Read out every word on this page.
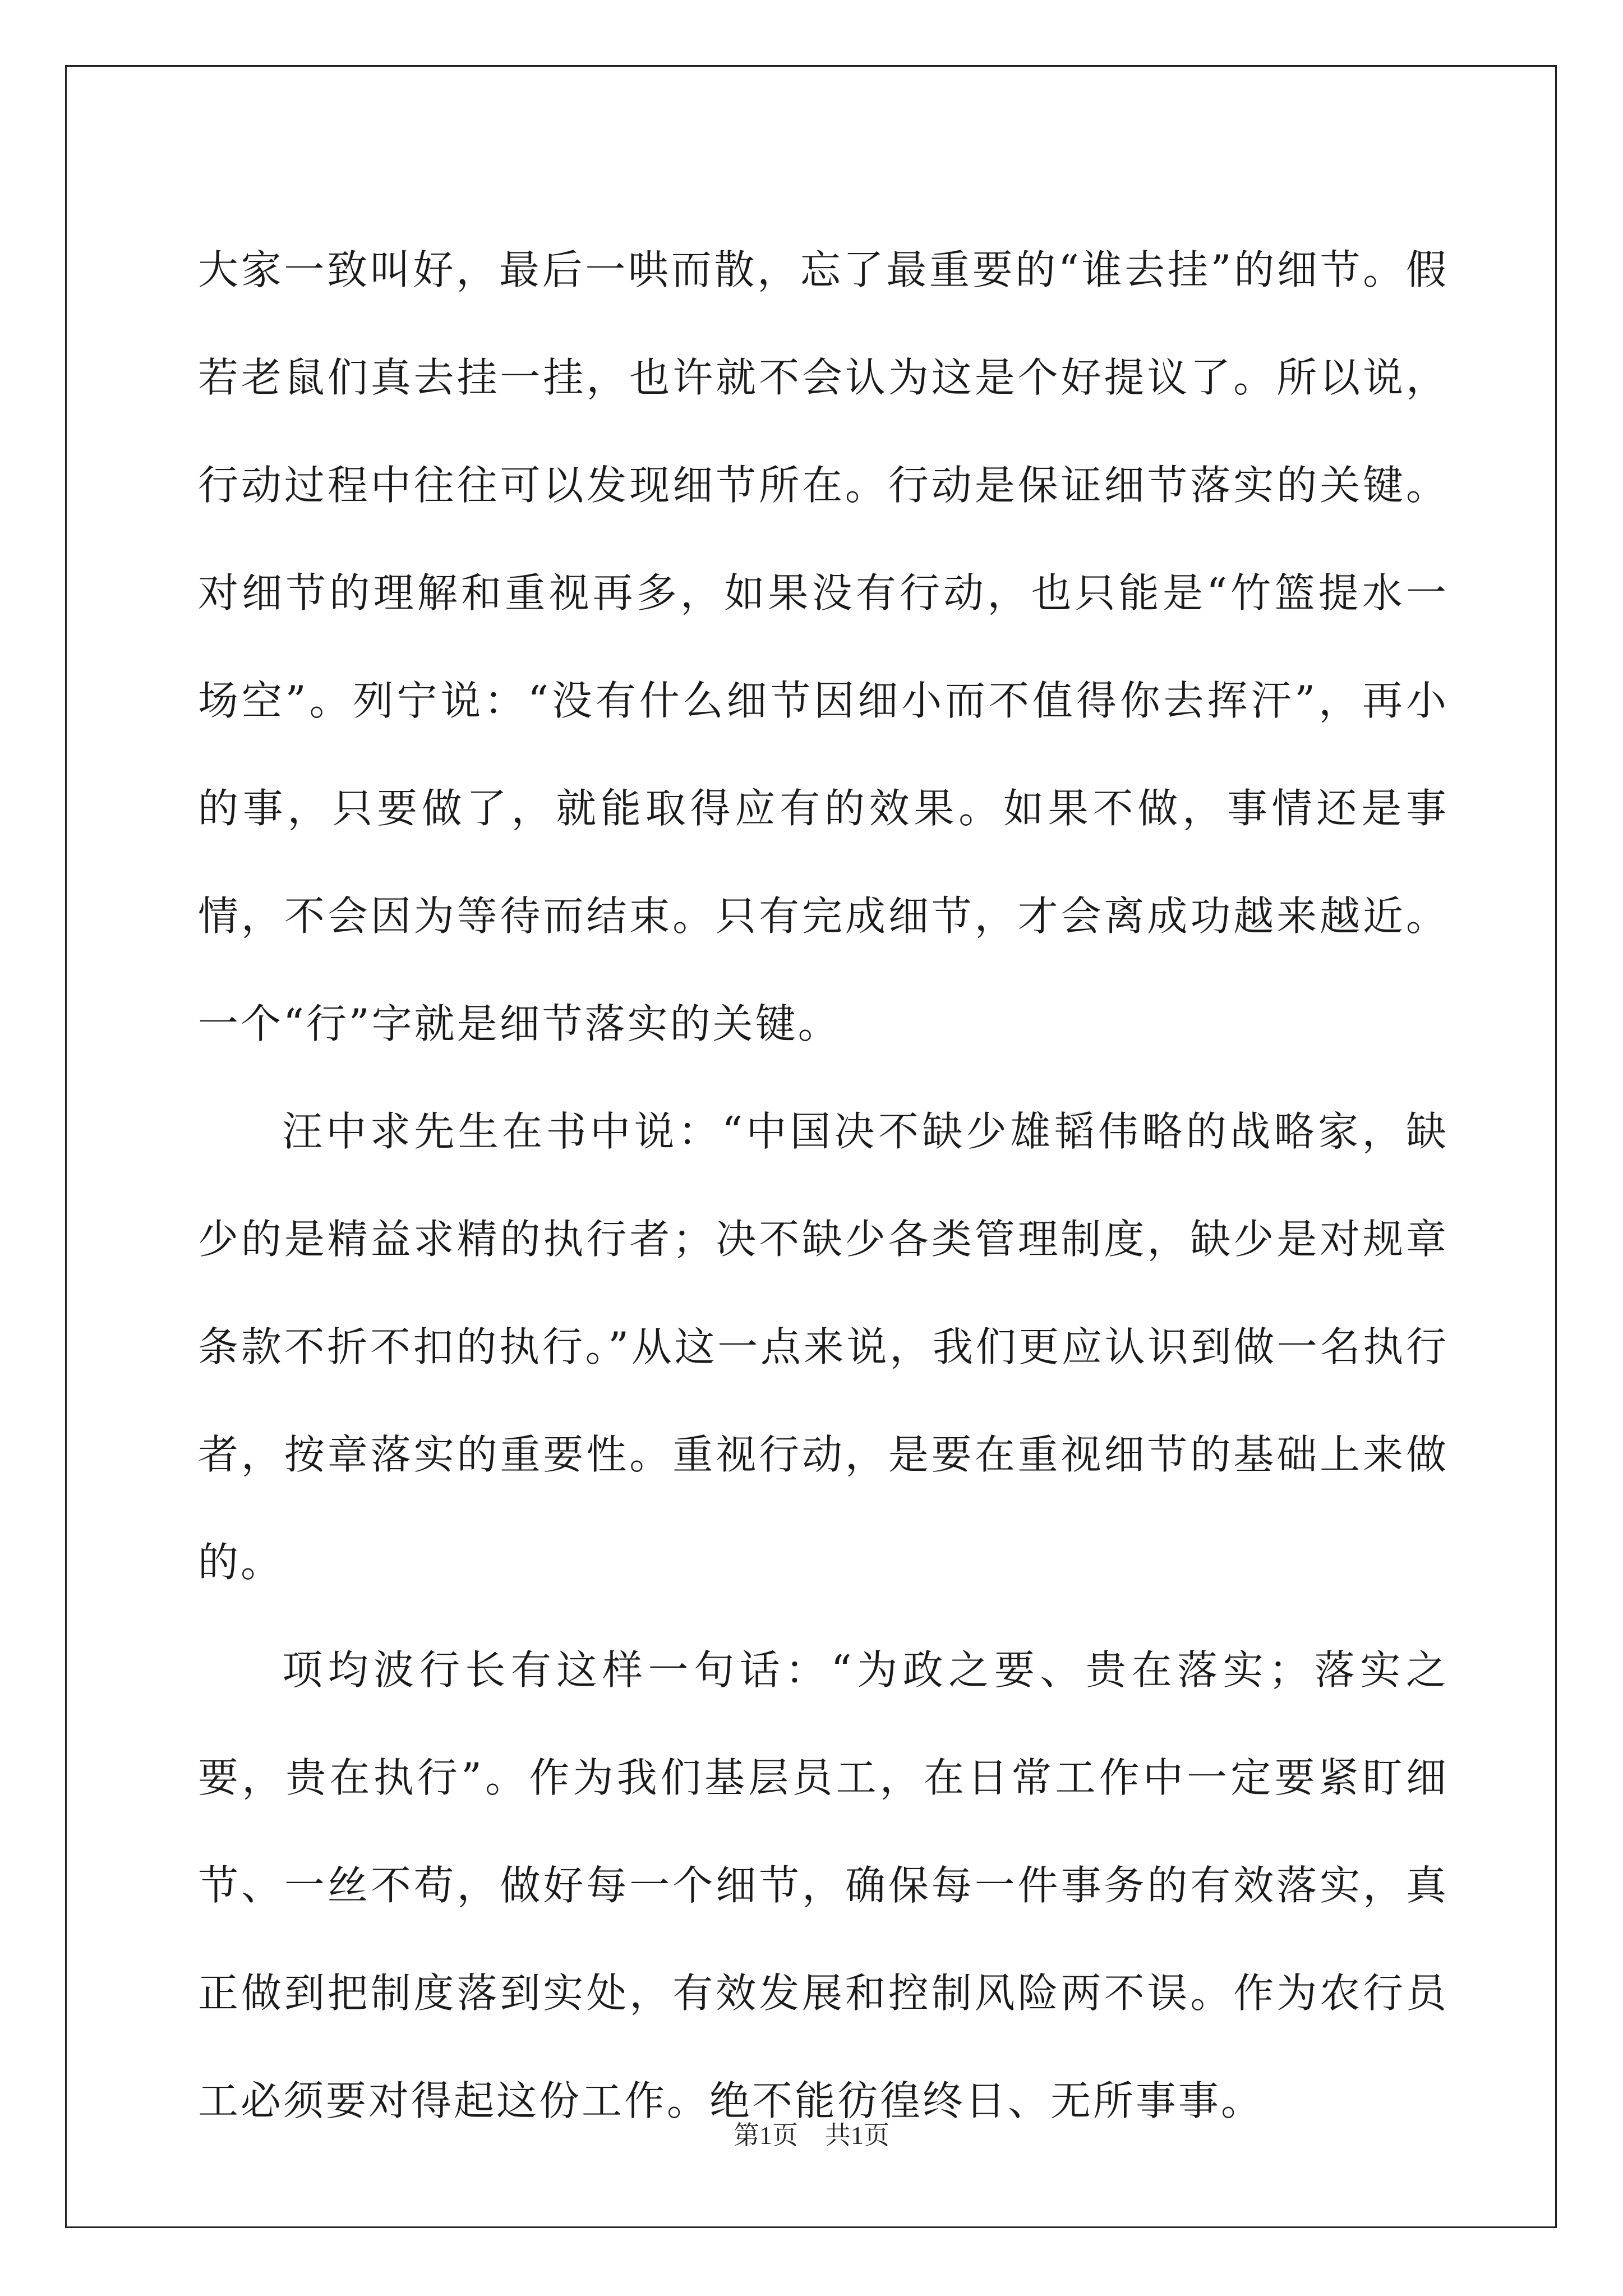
大家一致叫好，最后一哄而散，忘了最重要的“谁去挂”的细节。假若老鼠们真去挂一挂，也许就不会认为这是个好提议了。所以说，行动过程中往往可以发现细节所在。行动是保证细节落实的关键。对细节的理解和重视再多，如果没有行动，也只能是“竹篮提水一场空”。列宁说：“没有什么细节因细小而不值得你去挥汗”，再小的事，只要做了，就能取得应有的效果。如果不做，事情还是事情，不会因为等待而结束。只有完成细节，才会离成功越来越近。一个“行”字就是细节落实的关键。

汪中求先生在书中说：“中国决不缺少雄韬伟略的战略家，缺少的是精益求精的执行者；决不缺少各类管理制度，缺少是对规章条款不折不扣的执行。”从这一点来说，我们更应认识到做一名执行者，按章落实的重要性。重视行动，是要在重视细节的基础上来做的。

项均波行长有这样一句话：“为政之要、贵在落实；落实之要，贵在执行”。作为我们基层员工，在日常工作中一定要紧盯细节、一丝不苟，做好每一个细节，确保每一件事务的有效落实，真正做到把制度落到实处，有效发展和控制风险两不误。作为农行员工必须要对得起这份工作。绝不能彷徨终日、无所事事。

第1页 共1页
